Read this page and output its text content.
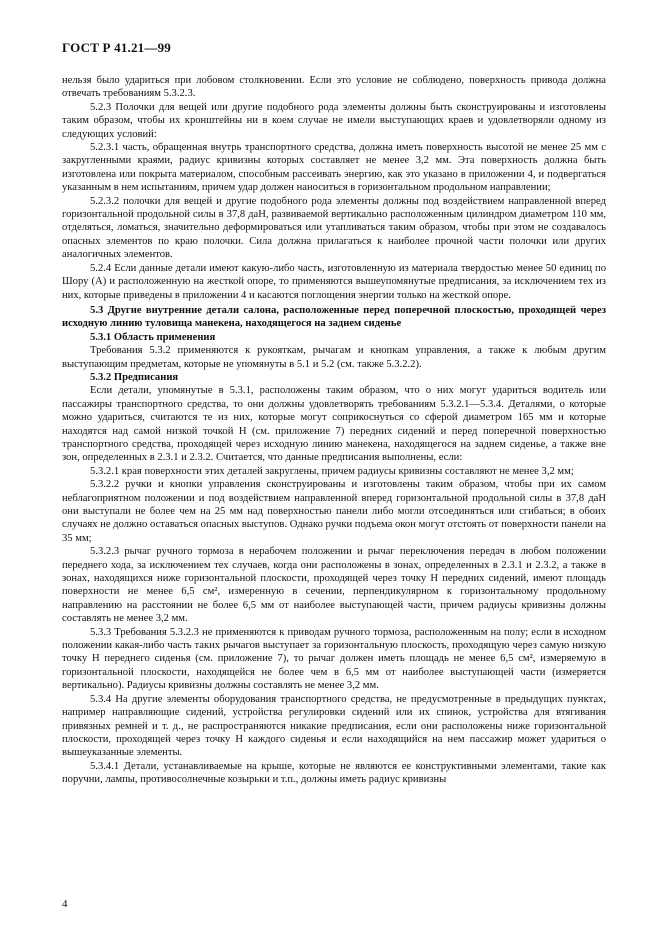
ГОСТ Р 41.21—99

нельзя было удариться при лобовом столкновении. Если это условие не соблюдено, поверхность привода должна отвечать требованиям 5.3.2.3.

5.2.3 Полочки для вещей или другие подобного рода элементы должны быть сконструированы и изготовлены таким образом, чтобы их кронштейны ни в коем случае не имели выступающих краев и удовлетворяли одному из следующих условий:

5.2.3.1 часть, обращенная внутрь транспортного средства, должна иметь поверхность высотой не менее 25 мм с закругленными краями, радиус кривизны которых составляет не менее 3,2 мм. Эта поверхность должна быть изготовлена или покрыта материалом, способным рассеивать энергию, как это указано в приложении 4, и подвергаться указанным в нем испытаниям, причем удар должен наноситься в горизонтальном продольном направлении;

5.2.3.2 полочки для вещей и другие подобного рода элементы должны под воздействием направленной вперед горизонтальной продольной силы в 37,8 даН, развиваемой вертикально расположенным цилиндром диаметром 110 мм, отделяться, ломаться, значительно деформироваться или утапливаться таким образом, чтобы при этом не создавалось опасных элементов по краю полочки. Сила должна прилагаться к наиболее прочной части полочки или других аналогичных элементов.

5.2.4 Если данные детали имеют какую-либо часть, изготовленную из материала твердостью менее 50 единиц по Шору (А) и расположенную на жесткой опоре, то применяются вышеупомянутые предписания, за исключением тех из них, которые приведены в приложении 4 и касаются поглощения энергии только на жесткой опоре.

5.3 Другие внутренние детали салона, расположенные перед поперечной плоскостью, проходящей через исходную линию туловища манекена, находящегося на заднем сиденье

5.3.1 Область применения

Требования 5.3.2 применяются к рукояткам, рычагам и кнопкам управления, а также к любым другим выступающим предметам, которые не упомянуты в 5.1 и 5.2 (см. также 5.3.2.2).

5.3.2 Предписания

Если детали, упомянутые в 5.3.1, расположены таким образом, что о них могут удариться водитель или пассажиры транспортного средства, то они должны удовлетворять требованиям 5.3.2.1—5.3.4. Деталями, о которые можно удариться, считаются те из них, которые могут соприкоснуться со сферой диаметром 165 мм и которые находятся над самой низкой точкой H (см. приложение 7) передних сидений и перед поперечной поверхностью транспортного средства, проходящей через исходную линию манекена, находящегося на заднем сиденье, а также вне зон, определенных в 2.3.1 и 2.3.2. Считается, что данные предписания выполнены, если:

5.3.2.1 края поверхности этих деталей закруглены, причем радиусы кривизны составляют не менее 3,2 мм;

5.3.2.2 ручки и кнопки управления сконструированы и изготовлены таким образом, чтобы при их самом неблагоприятном положении и под воздействием направленной вперед горизонтальной продольной силы в 37,8 даН они выступали не более чем на 25 мм над поверхностью панели либо могли отсоединяться или сгибаться; в обоих случаях не должно оставаться опасных выступов. Однако ручки подъема окон могут отстоять от поверхности панели на 35 мм;

5.3.2.3 рычаг ручного тормоза в нерабочем положении и рычаг переключения передач в любом положении переднего хода, за исключением тех случаев, когда они расположены в зонах, определенных в 2.3.1 и 2.3.2, а также в зонах, находящихся ниже горизонтальной плоскости, проходящей через точку H передних сидений, имеют площадь поверхности не менее 6,5 см², измеренную в сечении, перпендикулярном к горизонтальному продольному направлению на расстоянии не более 6,5 мм от наиболее выступающей части, причем радиусы кривизны должны составлять не менее 3,2 мм.

5.3.3 Требования 5.3.2.3 не применяются к приводам ручного тормоза, расположенным на полу; если в исходном положении какая-либо часть таких рычагов выступает за горизонтальную плоскость, проходящую через самую низкую точку H переднего сиденья (см. приложение 7), то рычаг должен иметь площадь не менее 6,5 см², измеряемую в горизонтальной плоскости, находящейся не более чем в 6,5 мм от наиболее выступающей части (измеряется вертикально). Радиусы кривизны должны составлять не менее 3,2 мм.

5.3.4 На другие элементы оборудования транспортного средства, не предусмотренные в предыдущих пунктах, например направляющие сидений, устройства регулировки сидений или их спинок, устройства для втягивания привязных ремней и т. д., не распространяются никакие предписания, если они расположены ниже горизонтальной плоскости, проходящей через точку H каждого сиденья и если находящийся на нем пассажир может удариться о вышеуказанные элементы.

5.3.4.1 Детали, устанавливаемые на крыше, которые не являются ее конструктивными элементами, такие как поручни, лампы, противосолнечные козырьки и т.п., должны иметь радиус кривизны

4
